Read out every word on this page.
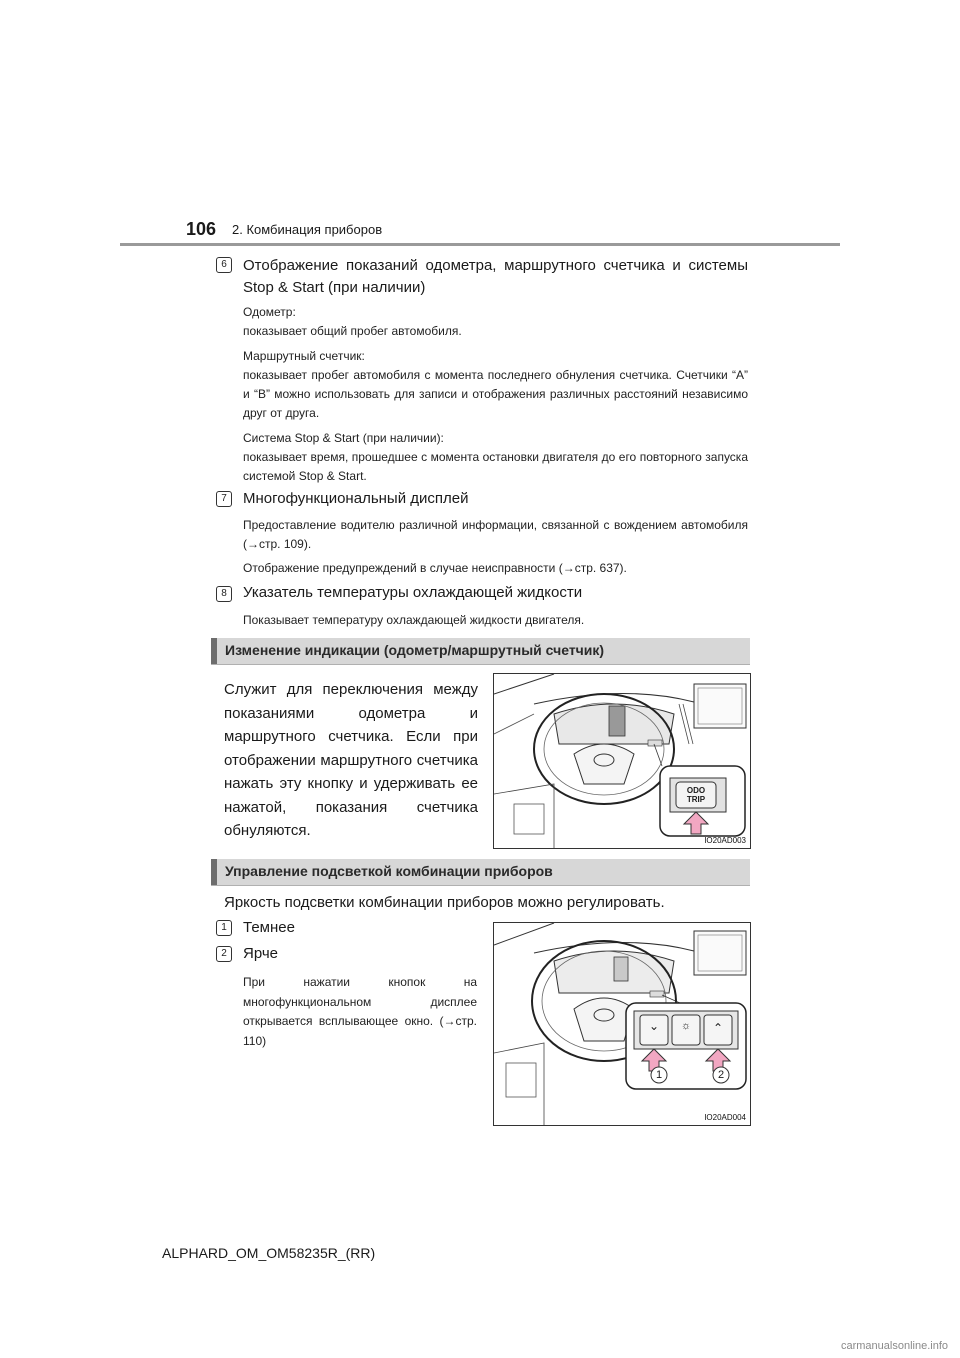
106 2. Комбинация приборов
6	Отображение показаний одометра, маршрутного счетчика и системы Stop & Start (при наличии)
Одометр:
показывает общий пробег автомобиля.
Маршрутный счетчик:
показывает пробег автомобиля с момента последнего обнуления счетчика. Счетчики “A” и “B” можно использовать для записи и отображения различных расстояний независимо друг от друга.
Система Stop & Start (при наличии):
показывает время, прошедшее с момента остановки двигателя до его повторного запуска системой Stop & Start.
7	Многофункциональный дисплей
Предоставление водителю различной информации, связанной с вождением автомобиля (→стр. 109).
Отображение предупреждений в случае неисправности (→стр. 637).
8	Указатель температуры охлаждающей жидкости
Показывает температуру охлаждающей жидкости двигателя.
Изменение индикации (одометр/маршрутный счетчик)
Служит для переключения между показаниями одометра и маршрутного счетчика. Если при отображении маршрутного счетчика нажать эту кнопку и удерживать ее нажатой, показания счетчика обнуляются.
ODO
TRIP
IO20AD003
Управление подсветкой комбинации приборов
Яркость подсветки комбинации приборов можно регулировать.
1	Темнее
2	Ярче
При нажатии кнопок на многофункциональном дисплее открывается всплывающее окно. (→стр. 110)
⌄ ☼ ⌃
1	2
IO20AD004
ALPHARD_OM_OM58235R_(RR)
carmanualsonline.info
